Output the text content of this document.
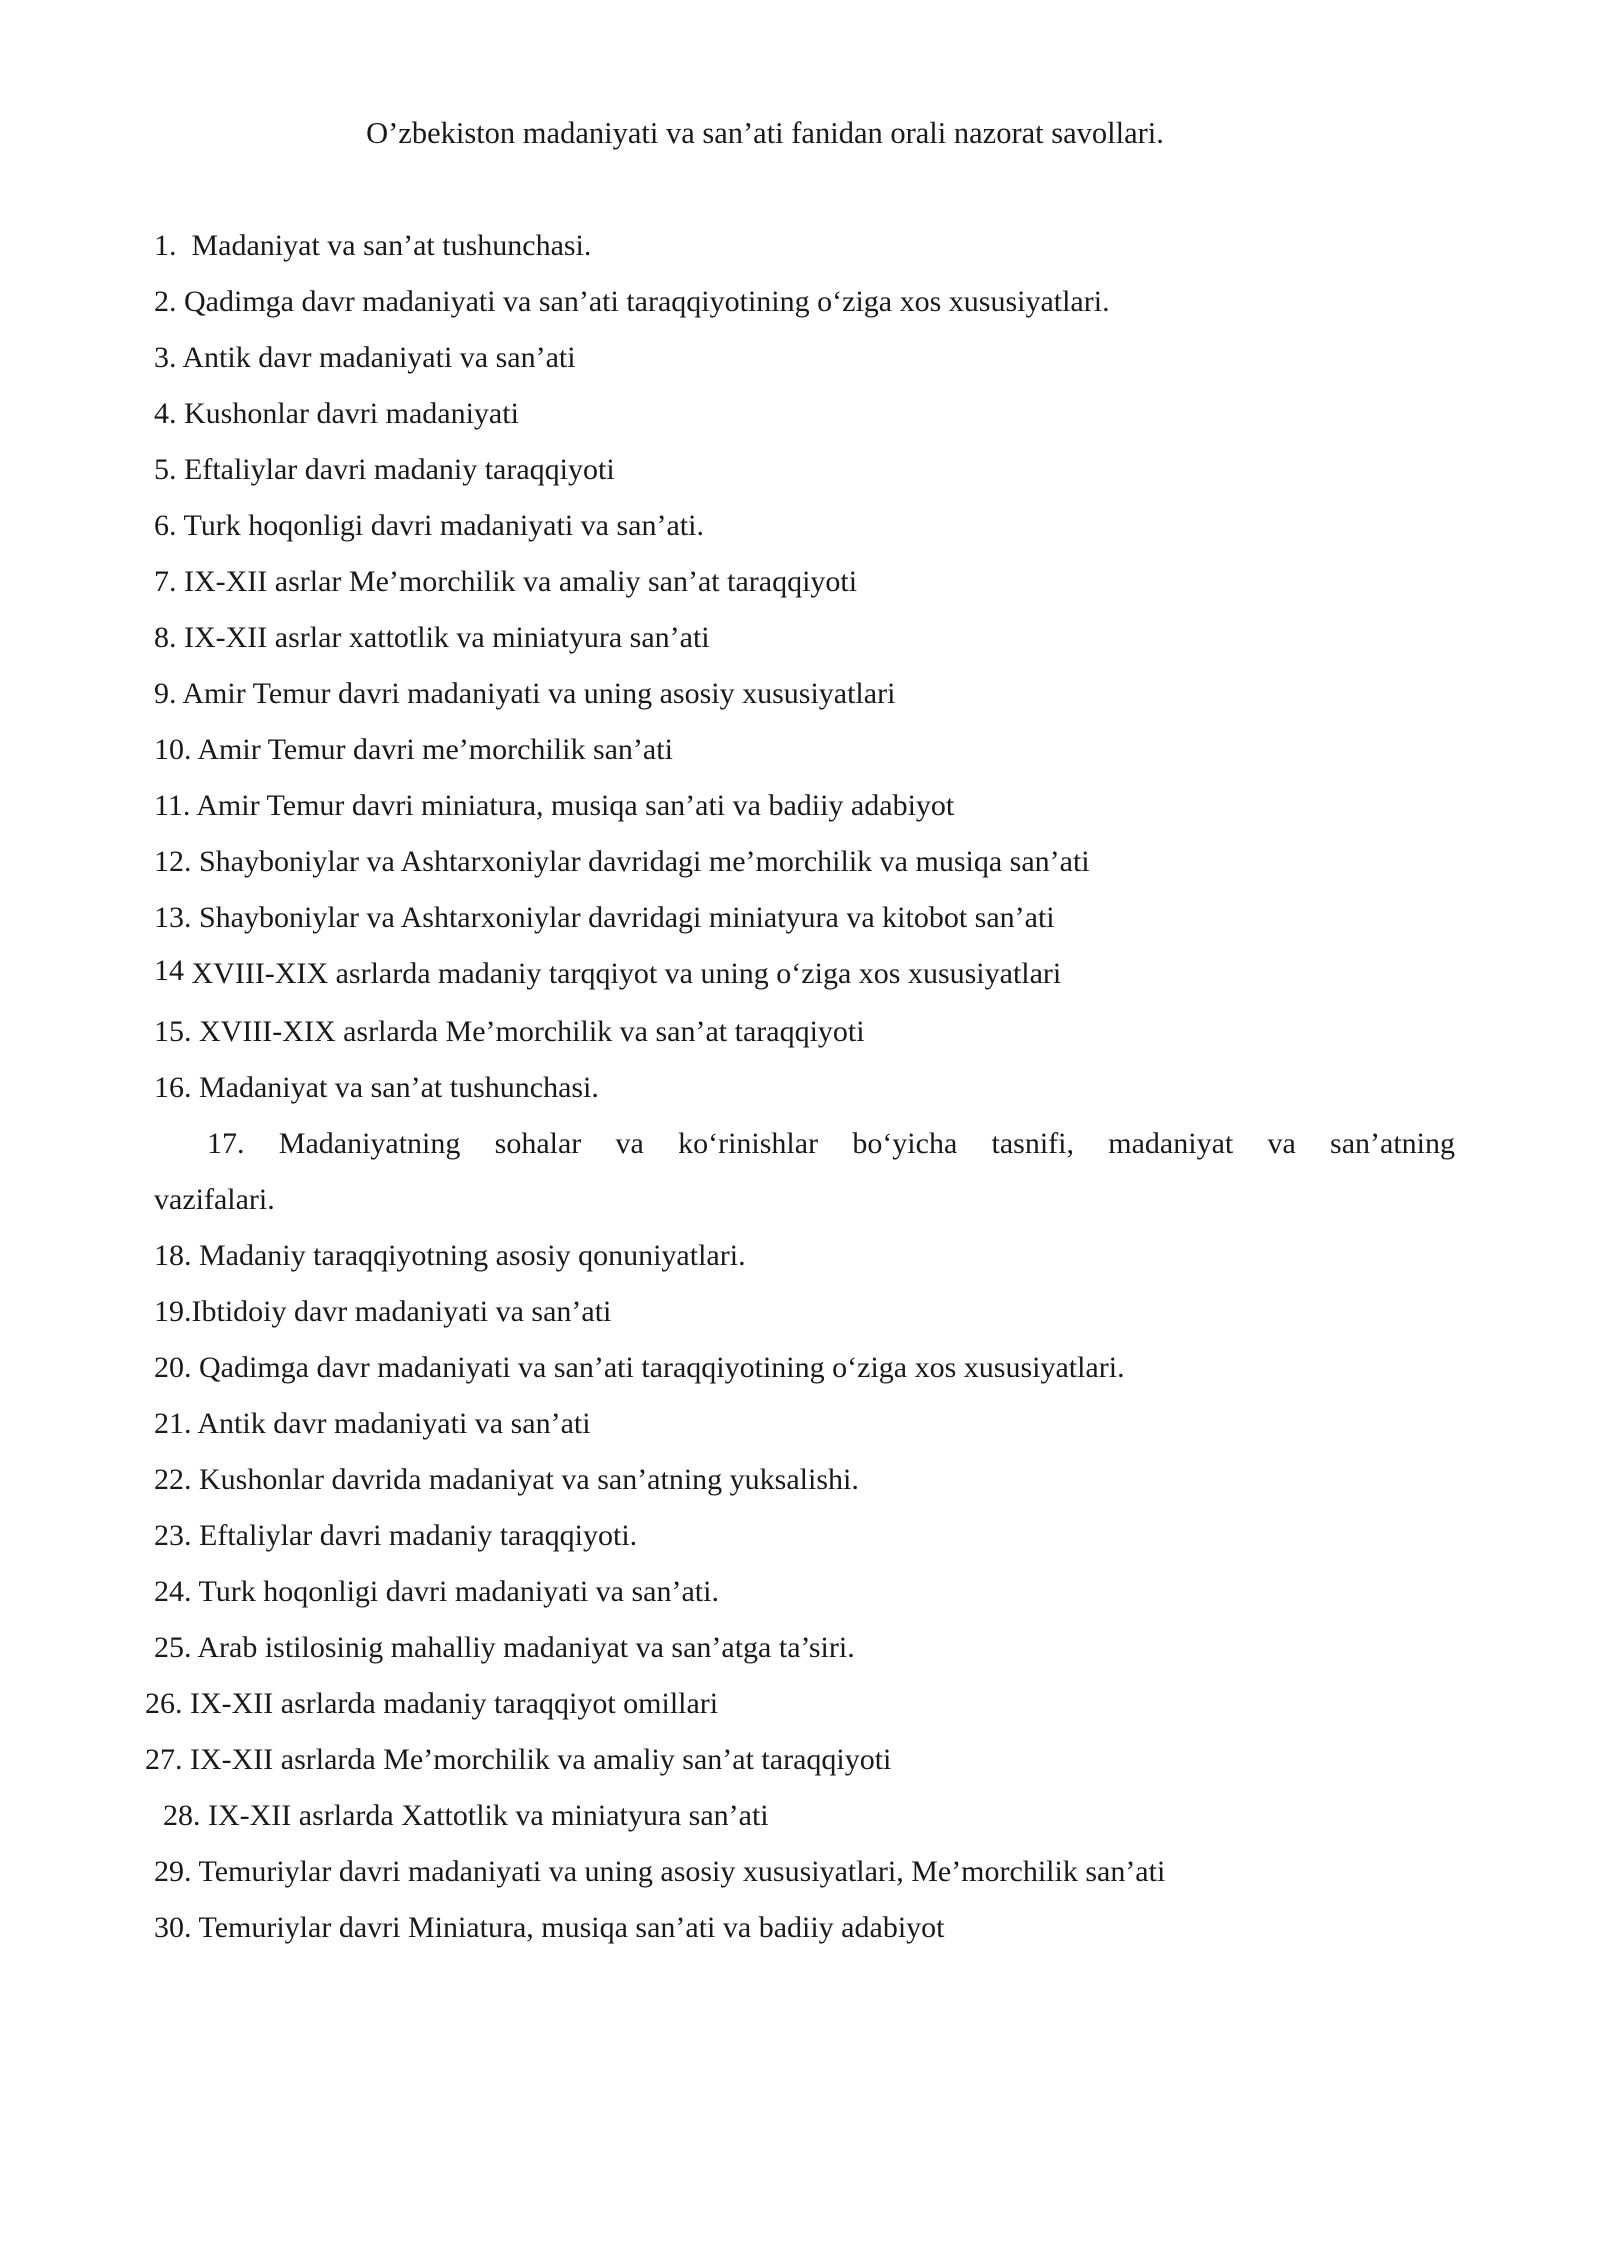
O’zbekiston madaniyati va san’ati fanidan orali nazorat savollari.
1. Madaniyat va san’at tushunchasi.
2. Qadimga davr madaniyati va san’ati taraqqiyotining o‘ziga xos xususiyatlari.
3. Antik davr madaniyati va san’ati
4. Kushonlar davri madaniyati
5. Eftaliylar davri madaniy taraqqiyoti
6. Turk hoqonligi davri madaniyati va san’ati.
7. IX-XII asrlar Me’morchilik va amaliy san’at taraqqiyoti
8. IX-XII asrlar xattotlik va miniatyura san’ati
9. Amir Temur davri madaniyati va uning asosiy xususiyatlari
10. Amir Temur davri me’morchilik san’ati
11. Amir Temur davri miniatura, musiqa san’ati va badiiy adabiyot
12. Shayboniylar va Ashtarxoniylar davridagi me’morchilik va musiqa san’ati
13. Shayboniylar va Ashtarxoniylar davridagi miniatyura va kitobot san’ati
14 XVIII-XIX asrlarda madaniy tarqqiyot va uning o‘ziga xos xususiyatlari
15. XVIII-XIX asrlarda Me’morchilik va san’at taraqqiyoti
16. Madaniyat va san’at tushunchasi.
17. Madaniyatning sohalar va ko‘rinishlar bo‘yicha tasnifi, madaniyat va san’atning
vazifalari.
18. Madaniy taraqqiyotning asosiy qonuniyatlari.
19.Ibtidoiy davr madaniyati va san’ati
20. Qadimga davr madaniyati va san’ati taraqqiyotining o‘ziga xos xususiyatlari.
21. Antik davr madaniyati va san’ati
22. Kushonlar davrida madaniyat va san’atning yuksalishi.
23. Eftaliylar davri madaniy taraqqiyoti.
24. Turk hoqonligi davri madaniyati va san’ati.
25. Arab istilosinig mahalliy madaniyat va san’atga ta’siri.
26. IX-XII asrlarda madaniy taraqqiyot omillari
27. IX-XII asrlarda Me’morchilik va amaliy san’at taraqqiyoti
28. IX-XII asrlarda Xattotlik va miniatyura san’ati
29. Temuriylar davri madaniyati va uning asosiy xususiyatlari, Me’morchilik san’ati
30. Temuriylar davri Miniatura, musiqa san’ati va badiiy adabiyot
